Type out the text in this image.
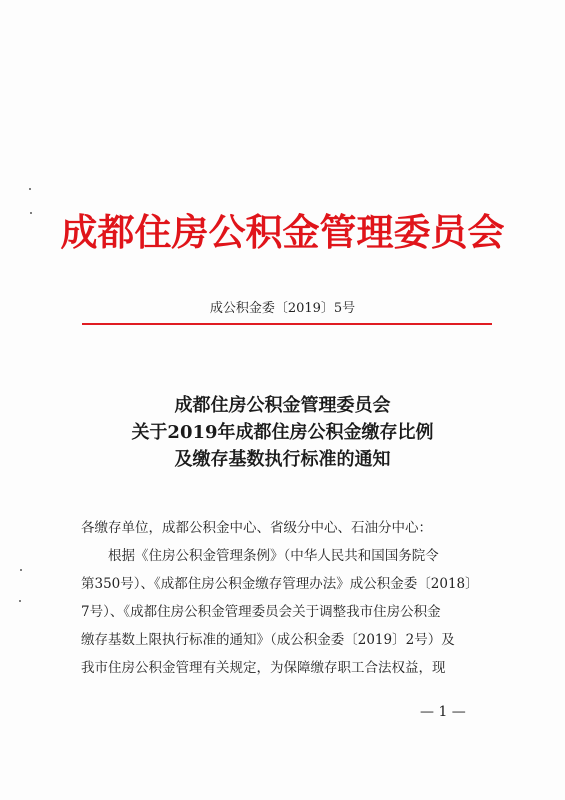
成都住房公积金管理委员会
成公积金委〔2019〕5号
成都住房公积金管理委员会
关于2019年成都住房公积金缴存比例
及缴存基数执行标准的通知

各缴存单位，成都公积金中心、省级分中心、石油分中心：

根据《住房公积金管理条例》（中华人民共和国国务院令

第350号）、《成都住房公积金缴存管理办法》成公积金委〔2018〕

7号）、《成都住房公积金管理委员会关于调整我市住房公积金

缴存基数上限执行标准的通知》（成公积金委〔2019〕2号）及

我市住房公积金管理有关规定，为保障缴存职工合法权益，现

— 1 —
